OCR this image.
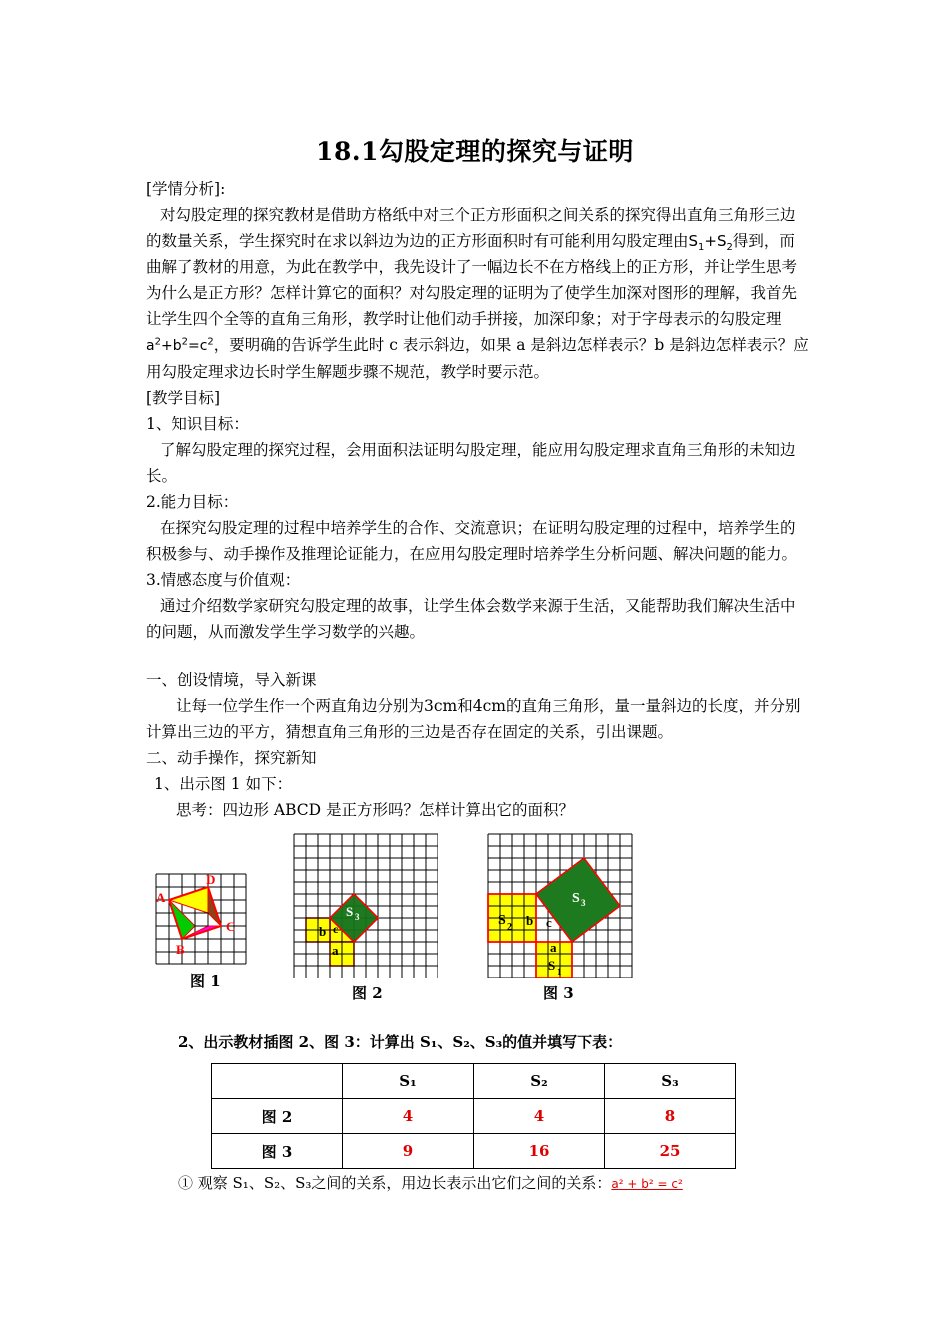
18.1勾股定理的探究与证明

[学情分析]:

对勾股定理的探究教材是借助方格纸中对三个正方形面积之间关系的探究得出直角三角形三边的数量关系，学生探究时在求以斜边为边的正方形面积时有可能利用勾股定理由$S_1+S_2$得到，而曲解了教材的用意，为此在教学中，我先设计了一幅边长不在方格线上的正方形，并让学生思考为什么是正方形？怎样计算它的面积？对勾股定理的证明为了使学生加深对图形的理解，我首先让学生四个全等的直角三角形，教学时让他们动手拼接，加深印象；对于字母表示的勾股定理 $a^2+b^2=c^2$，要明确的告诉学生此时 c 表示斜边，如果 a 是斜边怎样表示？b 是斜边怎样表示？应用勾股定理求边长时学生解题步骤不规范，教学时要示范。

[教学目标]

1、知识目标：

了解勾股定理的探究过程，会用面积法证明勾股定理，能应用勾股定理求直角三角形的未知边长。

2.能力目标：

在探究勾股定理的过程中培养学生的合作、交流意识；在证明勾股定理的过程中，培养学生的积极参与、动手操作及推理论证能力，在应用勾股定理时培养学生分析问题、解决问题的能力。

3.情感态度与价值观：

通过介绍数学家研究勾股定理的故事，让学生体会数学来源于生活，又能帮助我们解决生活中的问题，从而激发学生学习数学的兴趣。

一、创设情境，导入新课

让每一位学生作一个两直角边分别为3cm和4cm的直角三角形，量一量斜边的长度，并分别计算出三边的平方，猜想直角三角形的三边是否存在固定的关系，引出课题。

二、动手操作，探究新知

1、出示图 1 如下：

思考：四边形 ABCD 是正方形吗？怎样计算出它的面积？

A
D
C
B
图 1
S 3
b c
a
图 2
S 3
S 2 b c
a
S 1
图 3
2、出示教材插图 2、图 3：计算出 S₁、S₂、S₃的值并填写下表：
	S₁	S₂	S₃
图 2	4	4	8
图 3	9	16	25
① 观察 S₁、S₂、S₃之间的关系，用边长表示出它们之间的关系：a² + b² = c²
